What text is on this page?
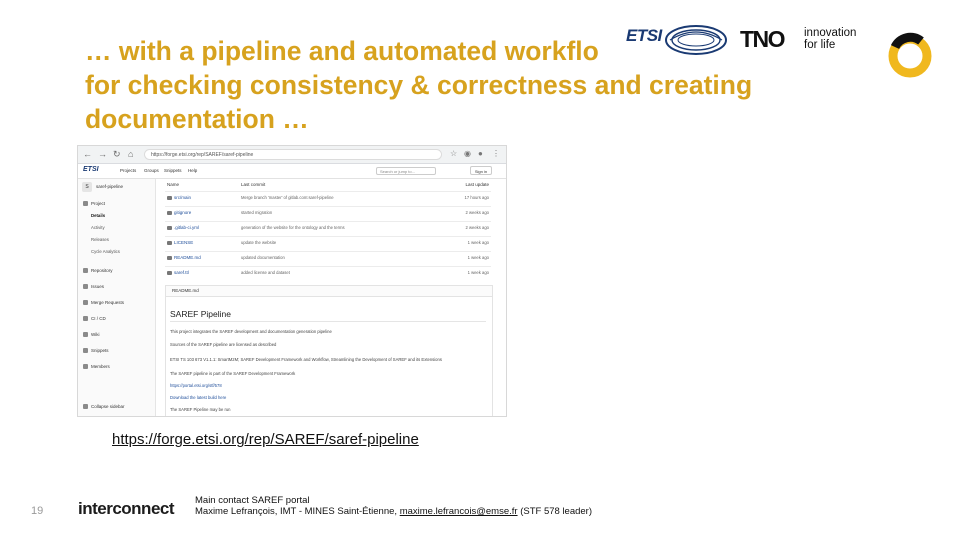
… with a pipeline and automated workflo
for checking consistency & correctness and creating
documentation …
ETSI	TNO innovation
for life
← → ↻ ⌂	https://forge.etsi.org/rep/SAREF/saref-pipeline	☆ ◉ ● ⋮
ETSI	Projects Groups Snippets Help	Search or jump to...	Sign in
S	saref-pipeline
Project
Details
Activity
Releases
Cycle Analytics
Repository
Issues
Merge Requests
CI / CD
Wiki
Snippets
Members
Collapse sidebar
Name	Last commit	Last update
src/main	Merge branch 'master' of gitlab.com:saref-pipeline	17 hours ago
gitignore	started migration	2 weeks ago
.gitlab-ci.yml	generation of the website for the ontology and the terms	2 weeks ago
LICENSE	update the website	1 week ago
README.md	updated documentation	1 week ago
saref.ttl	added license and dataset	1 week ago
README.md
SAREF Pipeline
This project integrates the SAREF development and documentation generation pipeline
Sources of the SAREF pipeline are licensed as described
ETSI TS 103 673 V1.1.1: SmartM2M; SAREF Development Framework and Workflow, Streamlining the Development of SAREF and its Extensions
The SAREF pipeline is part of the SAREF Development Framework
https://portal.etsi.org/stf/578
Download the latest build here
The SAREF Pipeline may be run
https://forge.etsi.org/rep/SAREF/saref-pipeline
19 interconnect Main contact SAREF portal
Maxime Lefrançois, IMT - MINES Saint-Étienne, maxime.lefrancois@emse.fr (STF 578 leader)
